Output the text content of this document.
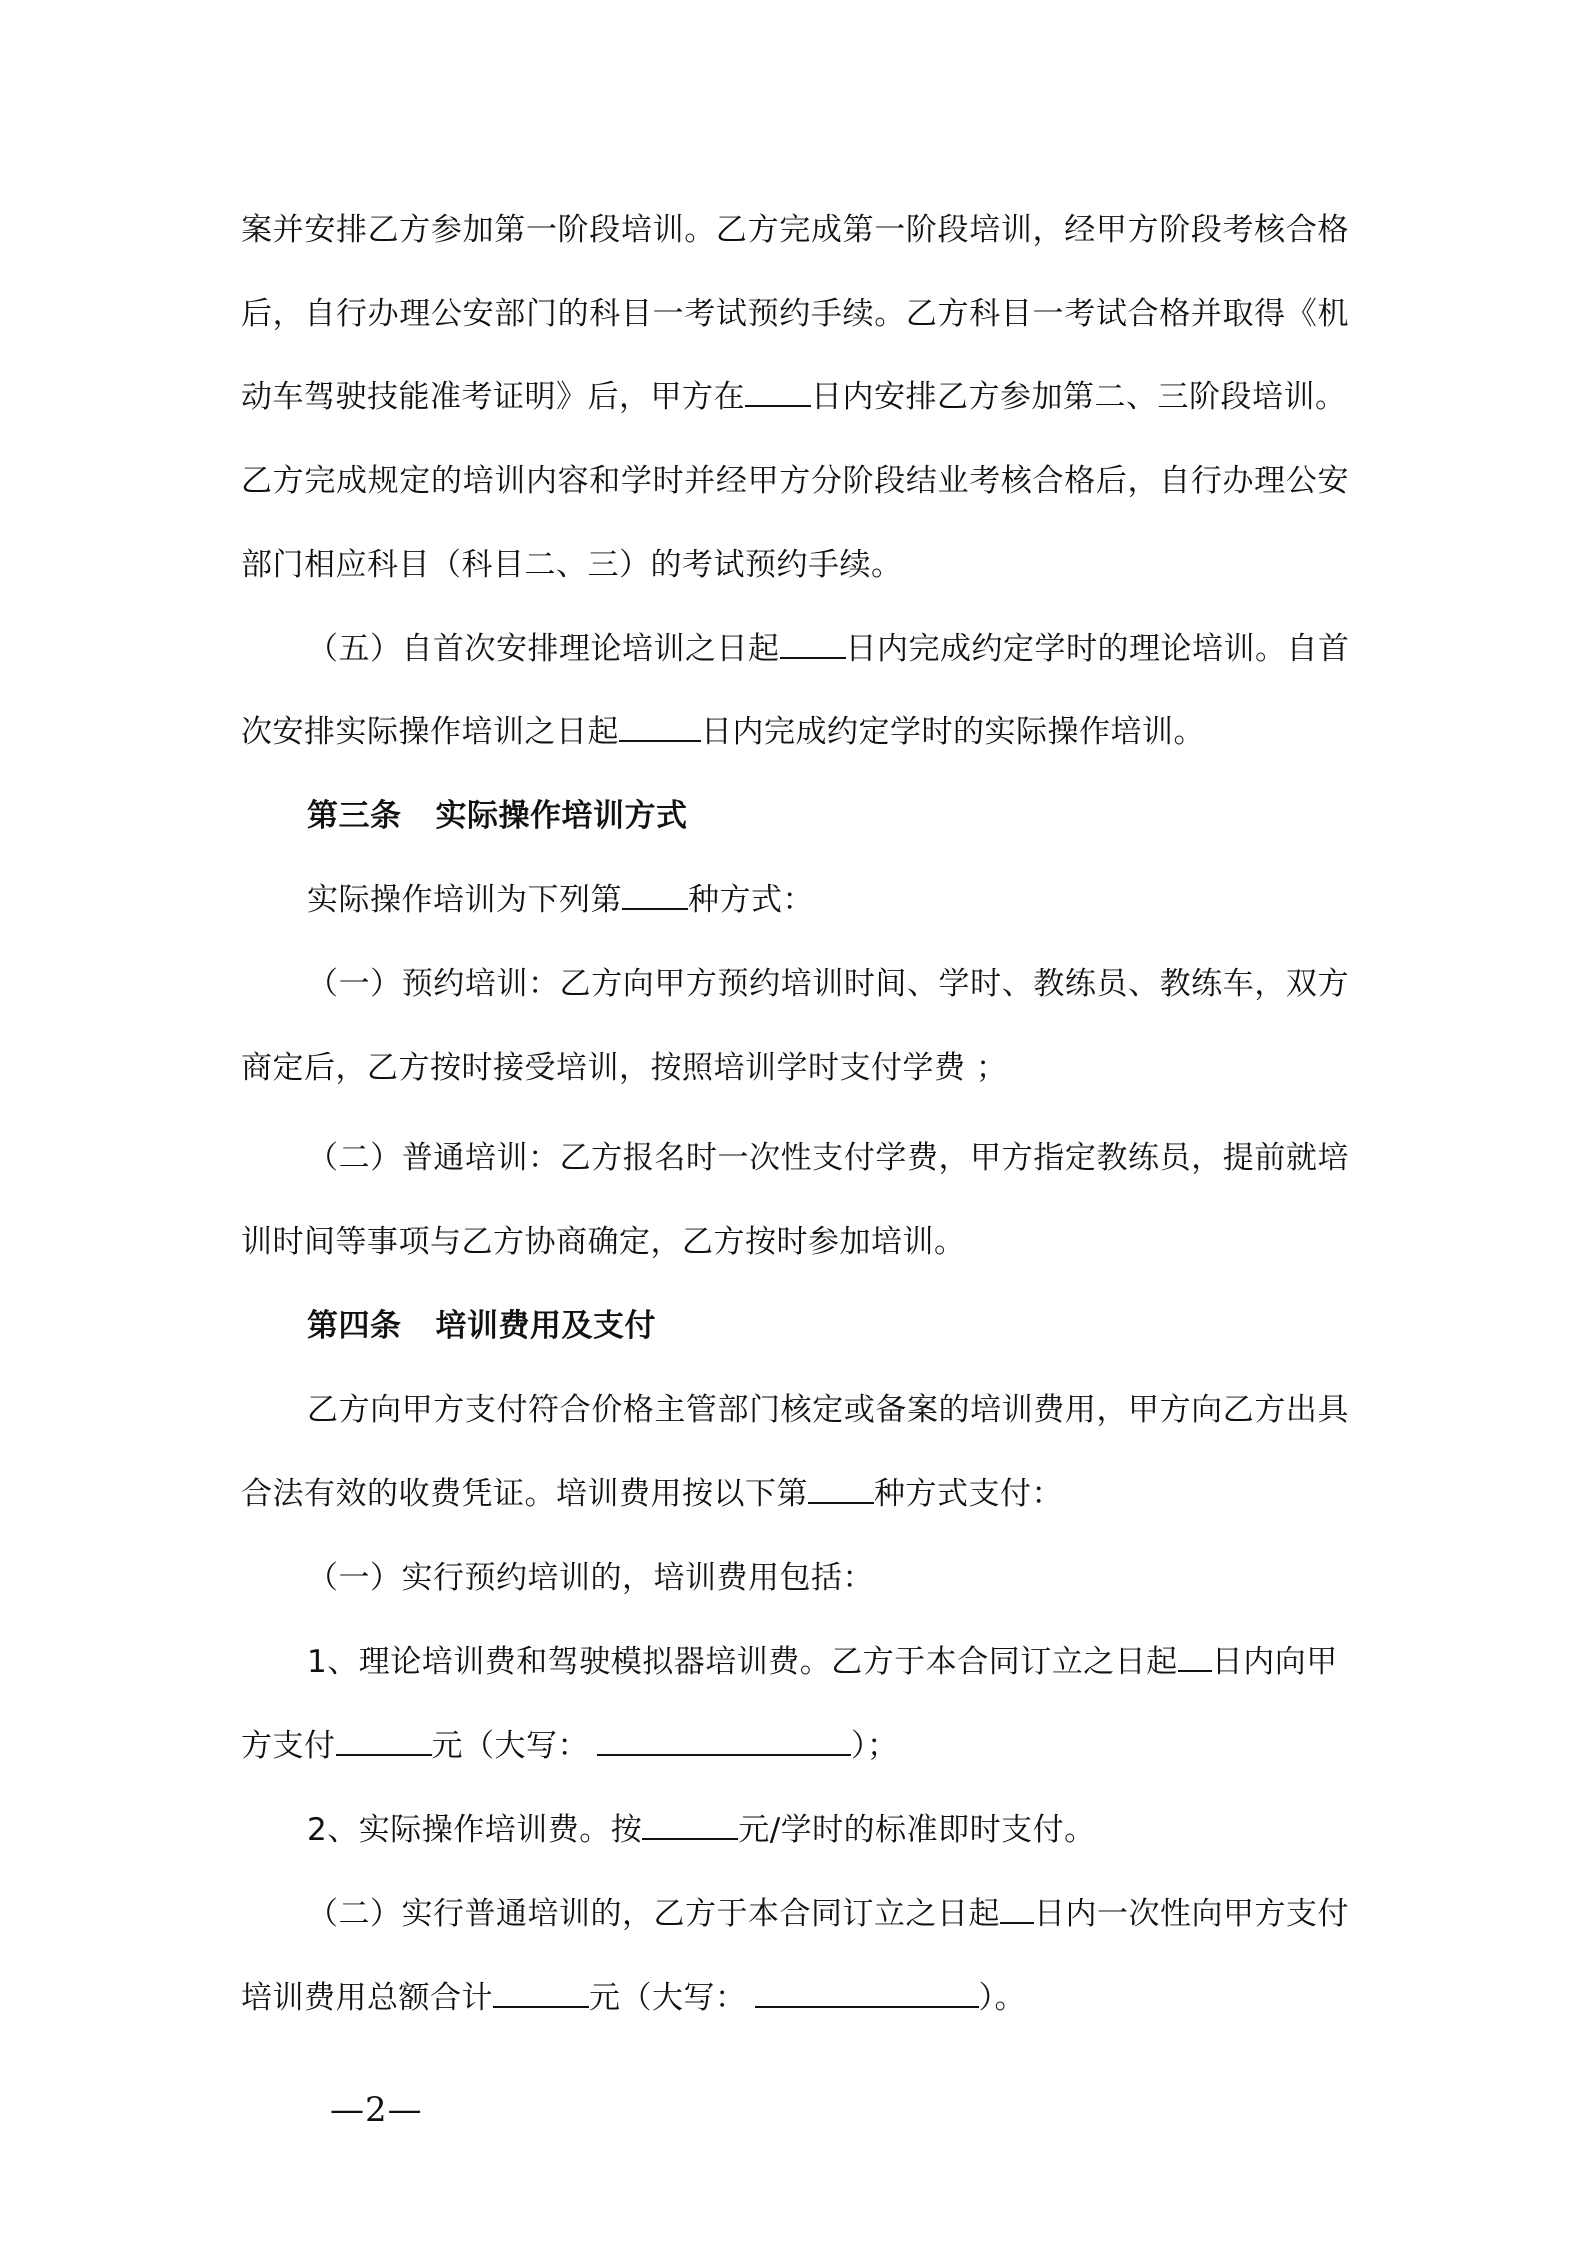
案并安排乙方参加第一阶段培训。乙方完成第一阶段培训，经甲方阶段考核合格
后，自行办理公安部门的科目一考试预约手续。乙方科目一考试合格并取得《机
动车驾驶技能准考证明》后，甲方在 日内安排乙方参加第二、三阶段培训。
乙方完成规定的培训内容和学时并经甲方分阶段结业考核合格后，自行办理公安
部门相应科目（科目二、三）的考试预约手续。
（五）自首次安排理论培训之日起 日内完成约定学时的理论培训。自首
次安排实际操作培训之日起	日内完成约定学时的实际操作培训。
第三条 实际操作培训方式
实际操作培训为下列第 种方式：
（一）预约培训：乙方向甲方预约培训时间、学时、教练员、教练车，双方
商定后，乙方按时接受培训，按照培训学时支付学费 ；
（二）普通培训：乙方报名时一次性支付学费，甲方指定教练员，提前就培
训时间等事项与乙方协商确定，乙方按时参加培训。
第四条 培训费用及支付
乙方向甲方支付符合价格主管部门核定或备案的培训费用，甲方向乙方出具
合法有效的收费凭证。培训费用按以下第 种方式支付：
（一）实行预约培训的，培训费用包括：
1、理论培训费和驾驶模拟器培训费。乙方于本合同订立之日起 日内向甲
方支付	元（大写：	）；
2、实际操作培训费。按	元/学时的标准即时支付。
（二）实行普通培训的，乙方于本合同订立之日起 日内一次性向甲方支付
培训费用总额合计	元（大写：	）。
—2—
